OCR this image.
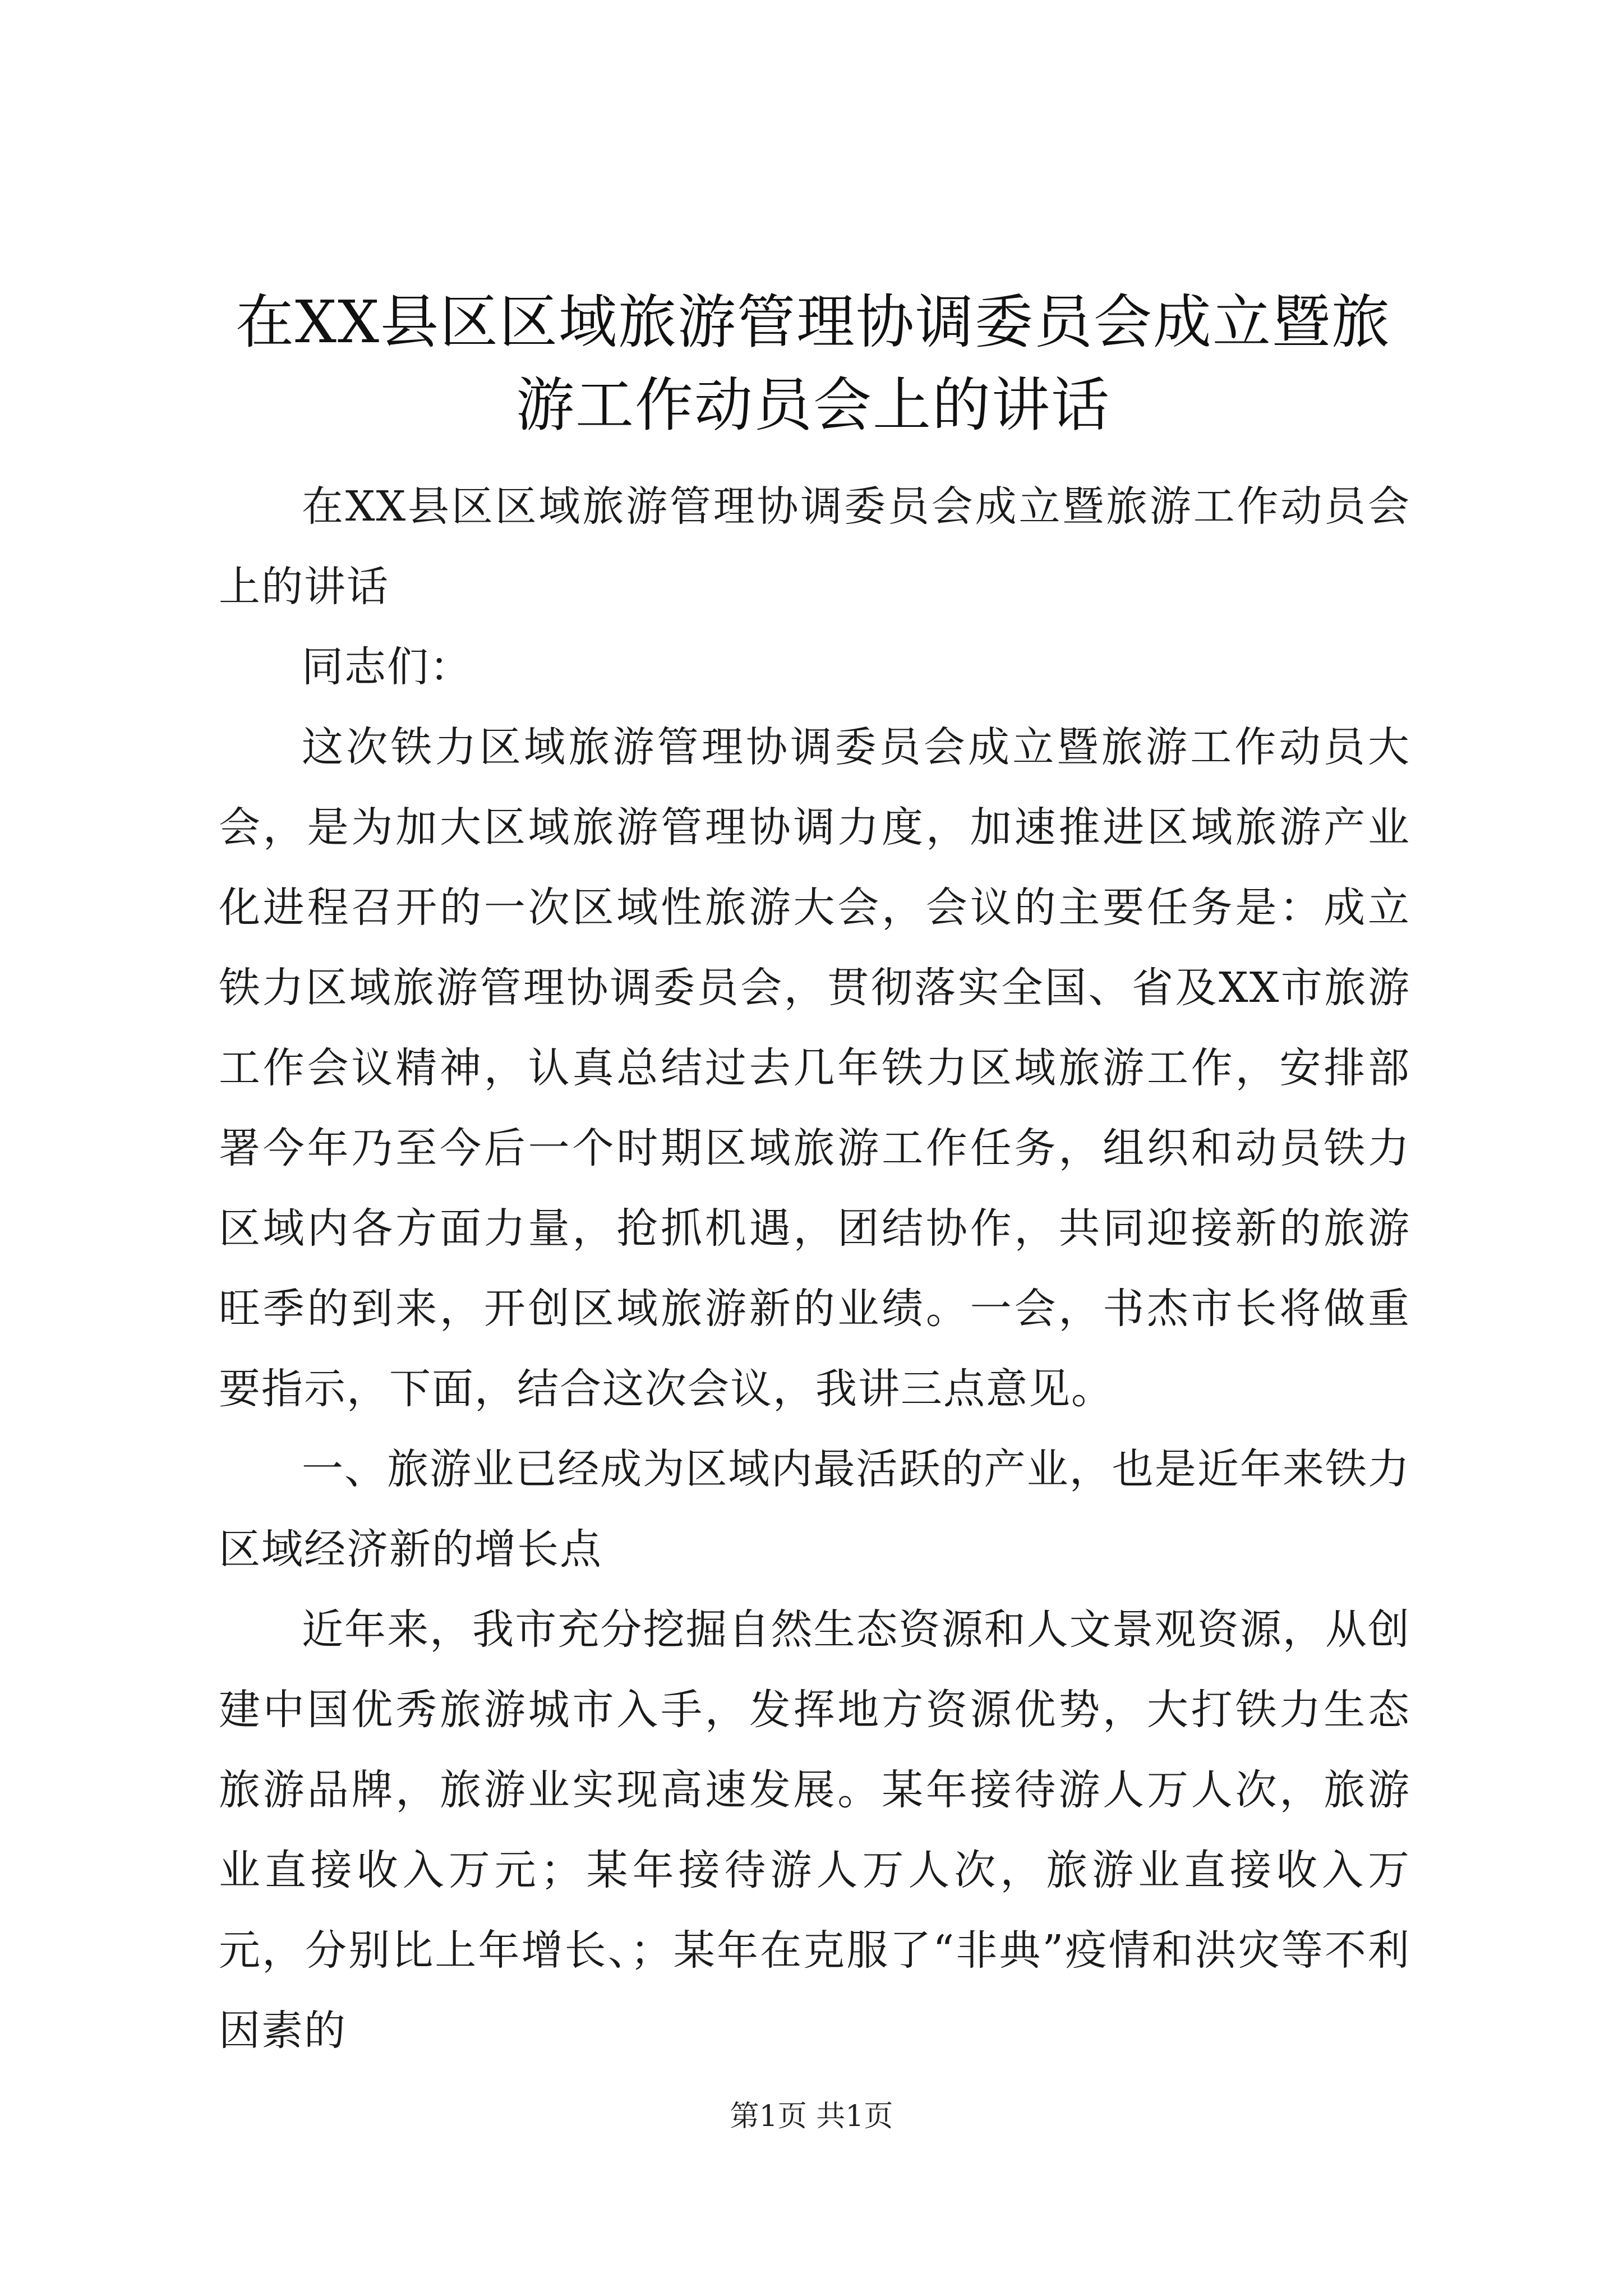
在XX县区区域旅游管理协调委员会成立暨旅游工作动员会上的讲话

在XX县区区域旅游管理协调委员会成立暨旅游工作动员会上的讲话

同志们：

这次铁力区域旅游管理协调委员会成立暨旅游工作动员大会，是为加大区域旅游管理协调力度，加速推进区域旅游产业化进程召开的一次区域性旅游大会，会议的主要任务是：成立铁力区域旅游管理协调委员会，贯彻落实全国、省及XX市旅游工作会议精神，认真总结过去几年铁力区域旅游工作，安排部署今年乃至今后一个时期区域旅游工作任务，组织和动员铁力区域内各方面力量，抢抓机遇，团结协作，共同迎接新的旅游旺季的到来，开创区域旅游新的业绩。一会，书杰市长将做重要指示，下面，结合这次会议，我讲三点意见。

一、旅游业已经成为区域内最活跃的产业，也是近年来铁力区域经济新的增长点

近年来，我市充分挖掘自然生态资源和人文景观资源，从创建中国优秀旅游城市入手，发挥地方资源优势，大打铁力生态旅游品牌，旅游业实现高速发展。某年接待游人万人次，旅游业直接收入万元；某年接待游人万人次，旅游业直接收入万元，分别比上年增长、；某年在克服了“非典”疫情和洪灾等不利因素的

第1页 共1页
